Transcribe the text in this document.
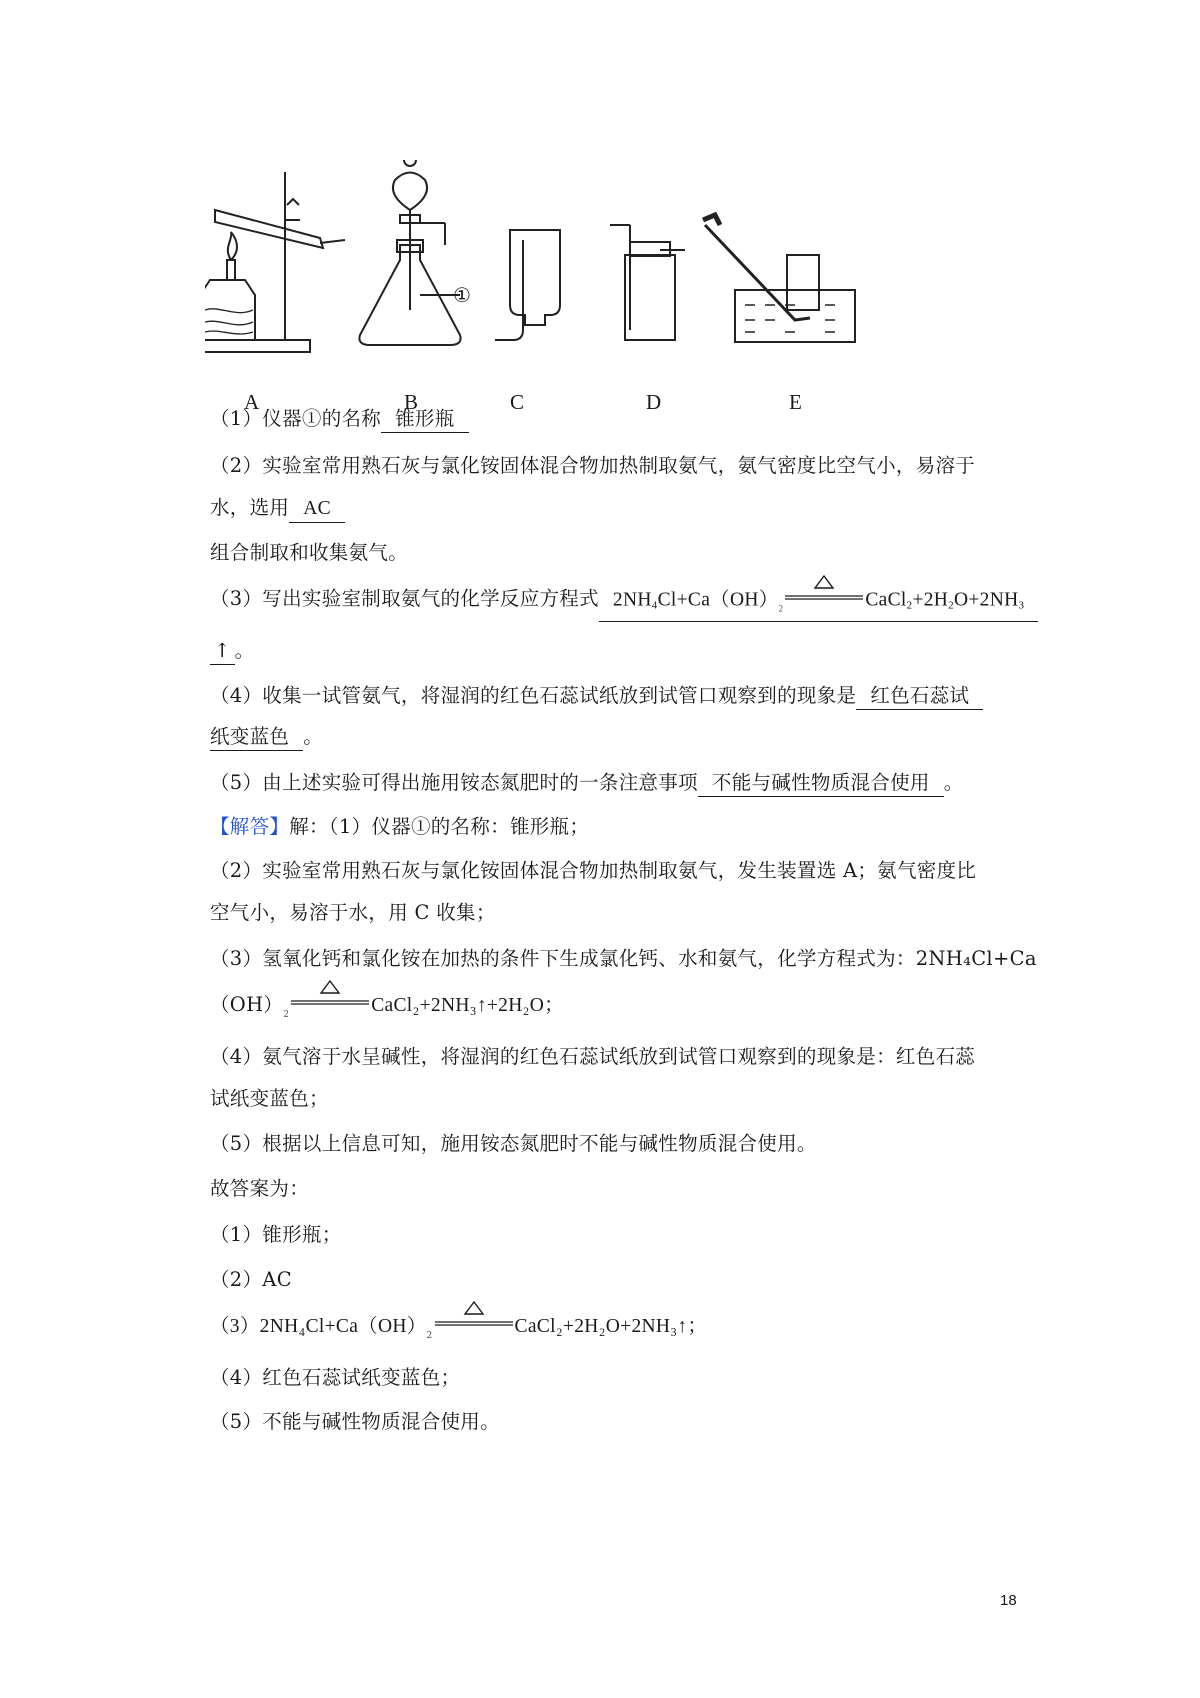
①
A	B	C	D	E
（1）仪器①的名称 锥形瓶
（2）实验室常用熟石灰与氯化铵固体混合物加热制取氨气，氨气密度比空气小，易溶于
水，选用 AC
组合制取和收集氨气。
（3）写出实验室制取氨气的化学反应方程式 $2NH_4Cl+Ca(OH)_2$	$CaCl_2+2H_2O+2NH_3$
↑ 。
（4）收集一试管氨气，将湿润的红色石蕊试纸放到试管口观察到的现象是 红色石蕊试
纸变蓝色 。
（5）由上述实验可得出施用铵态氮肥时的一条注意事项 不能与碱性物质混合使用 。
【解答】解：（1）仪器①的名称：锥形瓶；
（2）实验室常用熟石灰与氯化铵固体混合物加热制取氨气，发生装置选 A；氨气密度比
空气小，易溶于水，用 C 收集；
（3）氢氧化钙和氯化铵在加热的条件下生成氯化钙、水和氨气，化学方程式为：2NH₄Cl+Ca
$(OH)_2$	CaCl₂+2NH₃↑+2H₂O；
（4）氨气溶于水呈碱性，将湿润的红色石蕊试纸放到试管口观察到的现象是：红色石蕊
试纸变蓝色；
（5）根据以上信息可知，施用铵态氮肥时不能与碱性物质混合使用。
故答案为：
（1）锥形瓶；
（2）AC
$(3)2NH_4Cl+Ca(OH)_2$	CaCl₂+2H₂O+2NH₃↑；
（4）红色石蕊试纸变蓝色；
（5）不能与碱性物质混合使用。
18
